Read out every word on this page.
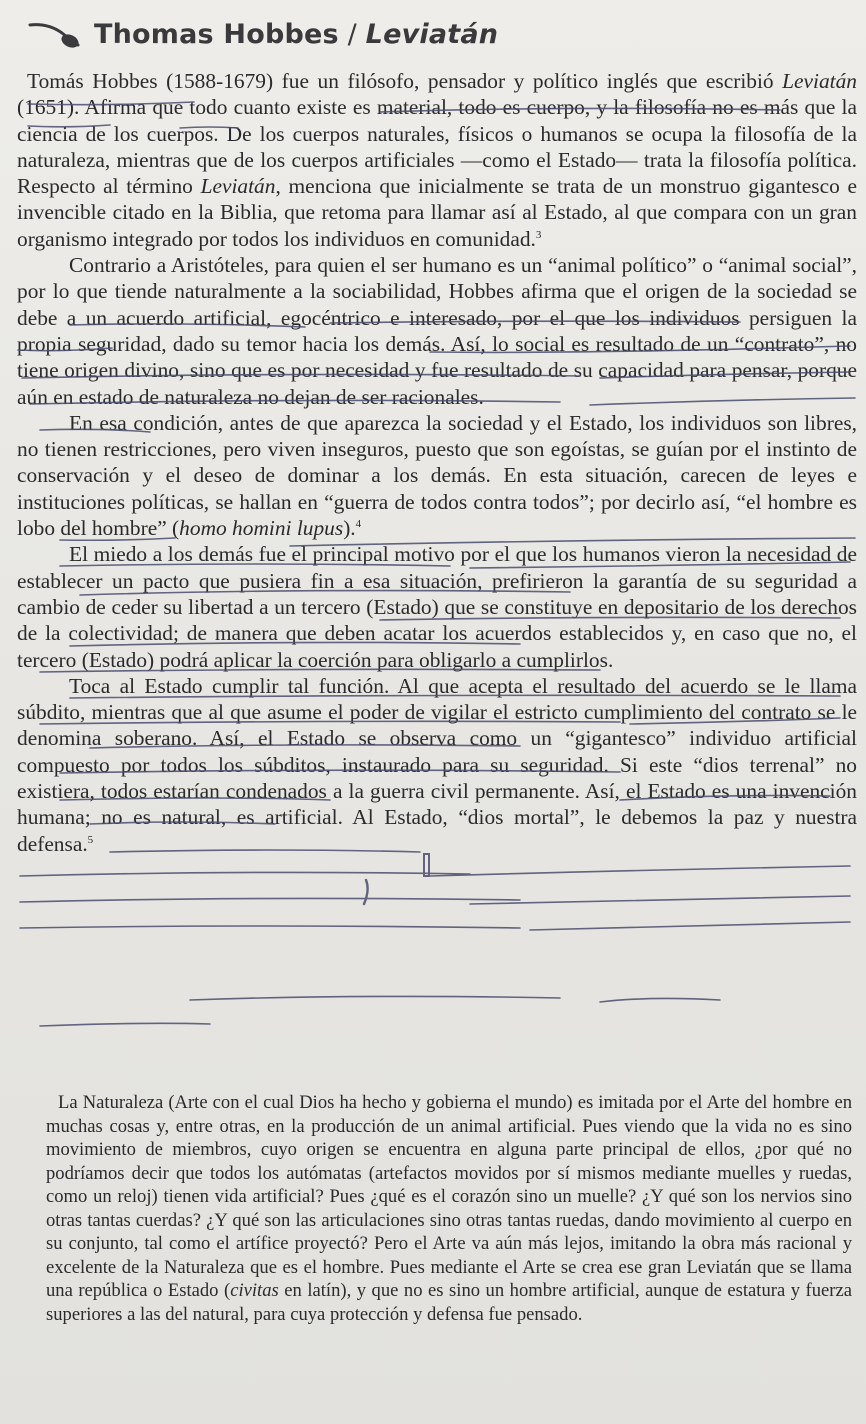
Thomas Hobbes / Leviatán

Tomás Hobbes (1588-1679) fue un filósofo, pensador y político inglés que escribió Leviatán (1651). Afirma que todo cuanto existe es material, todo es cuerpo, y la filosofía no es más que la ciencia de los cuerpos. De los cuerpos naturales, físicos o humanos se ocupa la filosofía de la naturaleza, mientras que de los cuerpos artificiales —como el Estado— trata la filosofía política. Respecto al término Leviatán, menciona que inicialmente se trata de un monstruo gigantesco e invencible citado en la Biblia, que retoma para llamar así al Estado, al que compara con un gran organismo integrado por todos los individuos en comunidad.$^3$

Contrario a Aristóteles, para quien el ser humano es un “animal político” o “animal social”, por lo que tiende naturalmente a la sociabilidad, Hobbes afirma que el origen de la sociedad se debe a un acuerdo artificial, egocéntrico e interesado, por el que los individuos persiguen la propia seguridad, dado su temor hacia los demás. Así, lo social es resultado de un “contrato”, no tiene origen divino, sino que es por necesidad y fue resultado de su capacidad para pensar, porque aún en estado de naturaleza no dejan de ser racionales.

En esa condición, antes de que aparezca la sociedad y el Estado, los individuos son libres, no tienen restricciones, pero viven inseguros, puesto que son egoístas, se guían por el instinto de conservación y el deseo de dominar a los demás. En esta situación, carecen de leyes e instituciones políticas, se hallan en “guerra de todos contra todos”; por decirlo así, “el hombre es lobo del hombre” (homo homini lupus).$^4$

El miedo a los demás fue el principal motivo por el que los humanos vieron la necesidad de establecer un pacto que pusiera fin a esa situación, prefirieron la garantía de su seguridad a cambio de ceder su libertad a un tercero (Estado) que se constituye en depositario de los derechos de la colectividad; de manera que deben acatar los acuerdos establecidos y, en caso que no, el tercero (Estado) podrá aplicar la coerción para obligarlo a cumplirlos.

Toca al Estado cumplir tal función. Al que acepta el resultado del acuerdo se le llama súbdito, mientras que al que asume el poder de vigilar el estricto cumplimiento del contrato se le denomina soberano. Así, el Estado se observa como un “gigantesco” individuo artificial compuesto por todos los súbditos, instaurado para su seguridad. Si este “dios terrenal” no existiera, todos estarían condenados a la guerra civil permanente. Así, el Estado es una invención humana; no es natural, es artificial. Al Estado, “dios mortal”, le debemos la paz y nuestra defensa.$^5$

La Naturaleza (Arte con el cual Dios ha hecho y gobierna el mundo) es imitada por el Arte del hombre en muchas cosas y, entre otras, en la producción de un animal artificial. Pues viendo que la vida no es sino movimiento de miembros, cuyo origen se encuentra en alguna parte principal de ellos, ¿por qué no podríamos decir que todos los autómatas (artefactos movidos por sí mismos mediante muelles y ruedas, como un reloj) tienen vida artificial? Pues ¿qué es el corazón sino un muelle? ¿Y qué son los nervios sino otras tantas cuerdas? ¿Y qué son las articulaciones sino otras tantas ruedas, dando movimiento al cuerpo en su conjunto, tal como el artífice proyectó? Pero el Arte va aún más lejos, imitando la obra más racional y excelente de la Naturaleza que es el hombre. Pues mediante el Arte se crea ese gran Leviatán que se llama una república o Estado (civitas en latín), y que no es sino un hombre artificial, aunque de estatura y fuerza superiores a las del natural, para cuya protección y defensa fue pensado.
